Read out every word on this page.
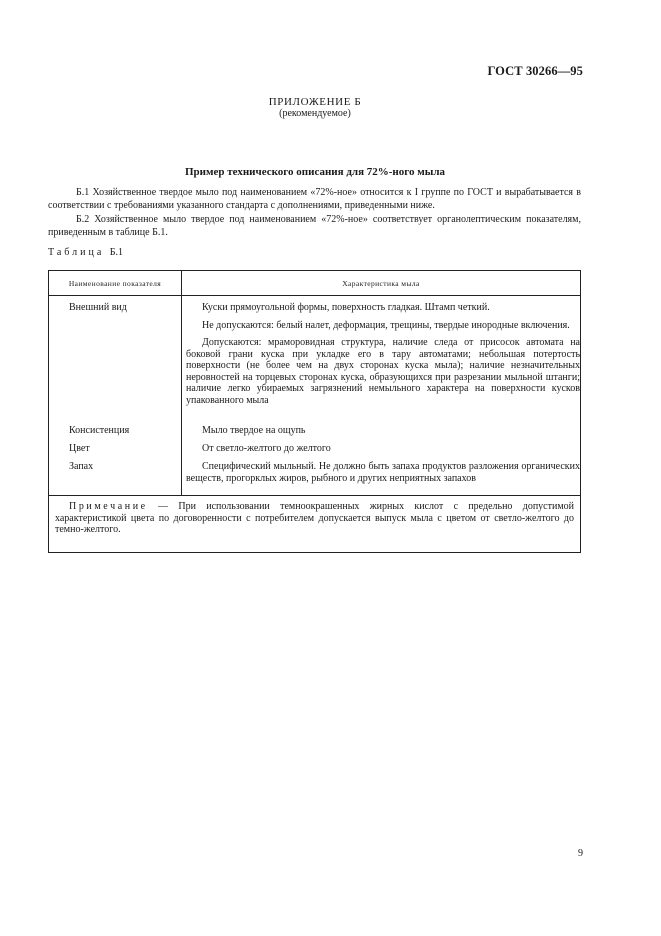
ГОСТ 30266—95
ПРИЛОЖЕНИЕ Б
(рекомендуемое)
Пример технического описания для 72%-ного мыла
Б.1 Хозяйственное твердое мыло под наименованием «72%-ное» относится к I группе по ГОСТ и вырабатывается в соответствии с требованиями указанного стандарта с дополнениями, приведенными ниже.
Б.2 Хозяйственное мыло твердое под наименованием «72%-ное» соответствует органолептическим показателям, приведенным в таблице Б.1.
Таблица Б.1
Наименование показателя	Характеристика мыла
Внешний вид	Куски прямоугольной формы, поверхность гладкая. Штамп четкий.

Не допускаются: белый налет, деформация, трещины, твердые инородные включения.

Допускаются: мраморовидная структура, наличие следа от присосок автомата на боковой грани куска при укладке его в тару автоматами; небольшая потертость поверхности (не более чем на двух сторонах куска мыла); наличие незначительных неровностей на торцевых сторонах куска, образующихся при разрезании мыльной штанги; наличие легко убираемых загрязнений немыльного характера на поверхности кусков упакованного мыла

Консистенция	Мыло твердое на ощупь

Цвет	От светло-желтого до желтого

Запах	Специфический мыльный. Не должно быть запаха продуктов разложения органических веществ, прогорклых жиров, рыбного и других неприятных запахов

Примечание — При использовании темноокрашенных жирных кислот с предельно допустимой характеристикой цвета по договоренности с потребителем допускается выпуск мыла с цветом от светло-желтого до темно-желтого.
9
